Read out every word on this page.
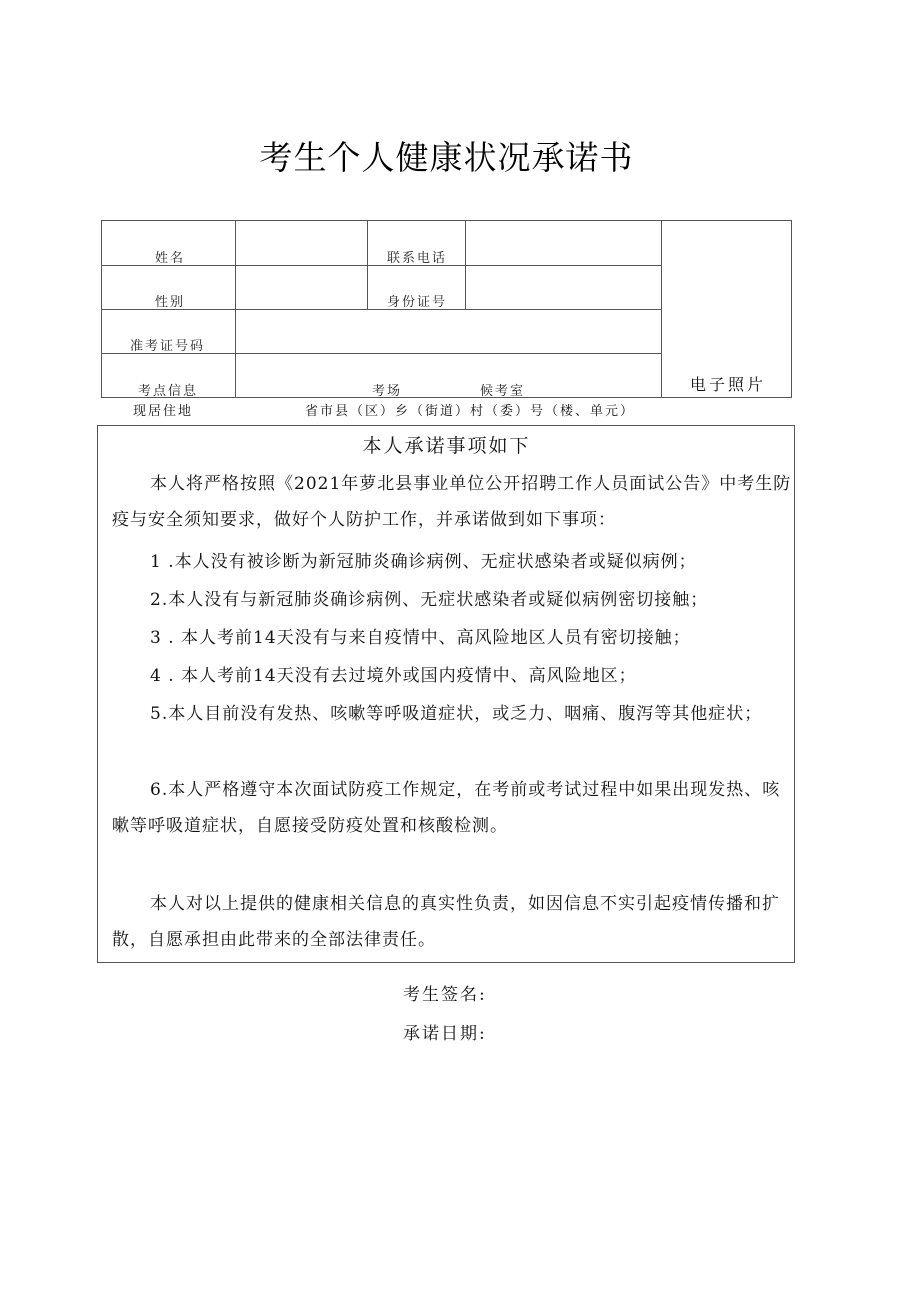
考生个人健康状况承诺书
姓名	联系电话
性别	身份证号
准考证号码
考点信息	考场	候考室	电子照片
现居住地	省市县（区）乡（街道）村（委）号（楼、单元）
本人承诺事项如下

本人将严格按照《2021年萝北县事业单位公开招聘工作人员面试公告》中考生防疫与安全须知要求，做好个人防护工作，并承诺做到如下事项：

1 .本人没有被诊断为新冠肺炎确诊病例、无症状感染者或疑似病例；

2.本人没有与新冠肺炎确诊病例、无症状感染者或疑似病例密切接触；

3 . 本人考前14天没有与来自疫情中、高风险地区人员有密切接触；

4 . 本人考前14天没有去过境外或国内疫情中、高风险地区；

5.本人目前没有发热、咳嗽等呼吸道症状，或乏力、咽痛、腹泻等其他症状；

6.本人严格遵守本次面试防疫工作规定，在考前或考试过程中如果出现发热、咳嗽等呼吸道症状，自愿接受防疫处置和核酸检测。

本人对以上提供的健康相关信息的真实性负责，如因信息不实引起疫情传播和扩散，自愿承担由此带来的全部法律责任。

考生签名:
承诺日期:
